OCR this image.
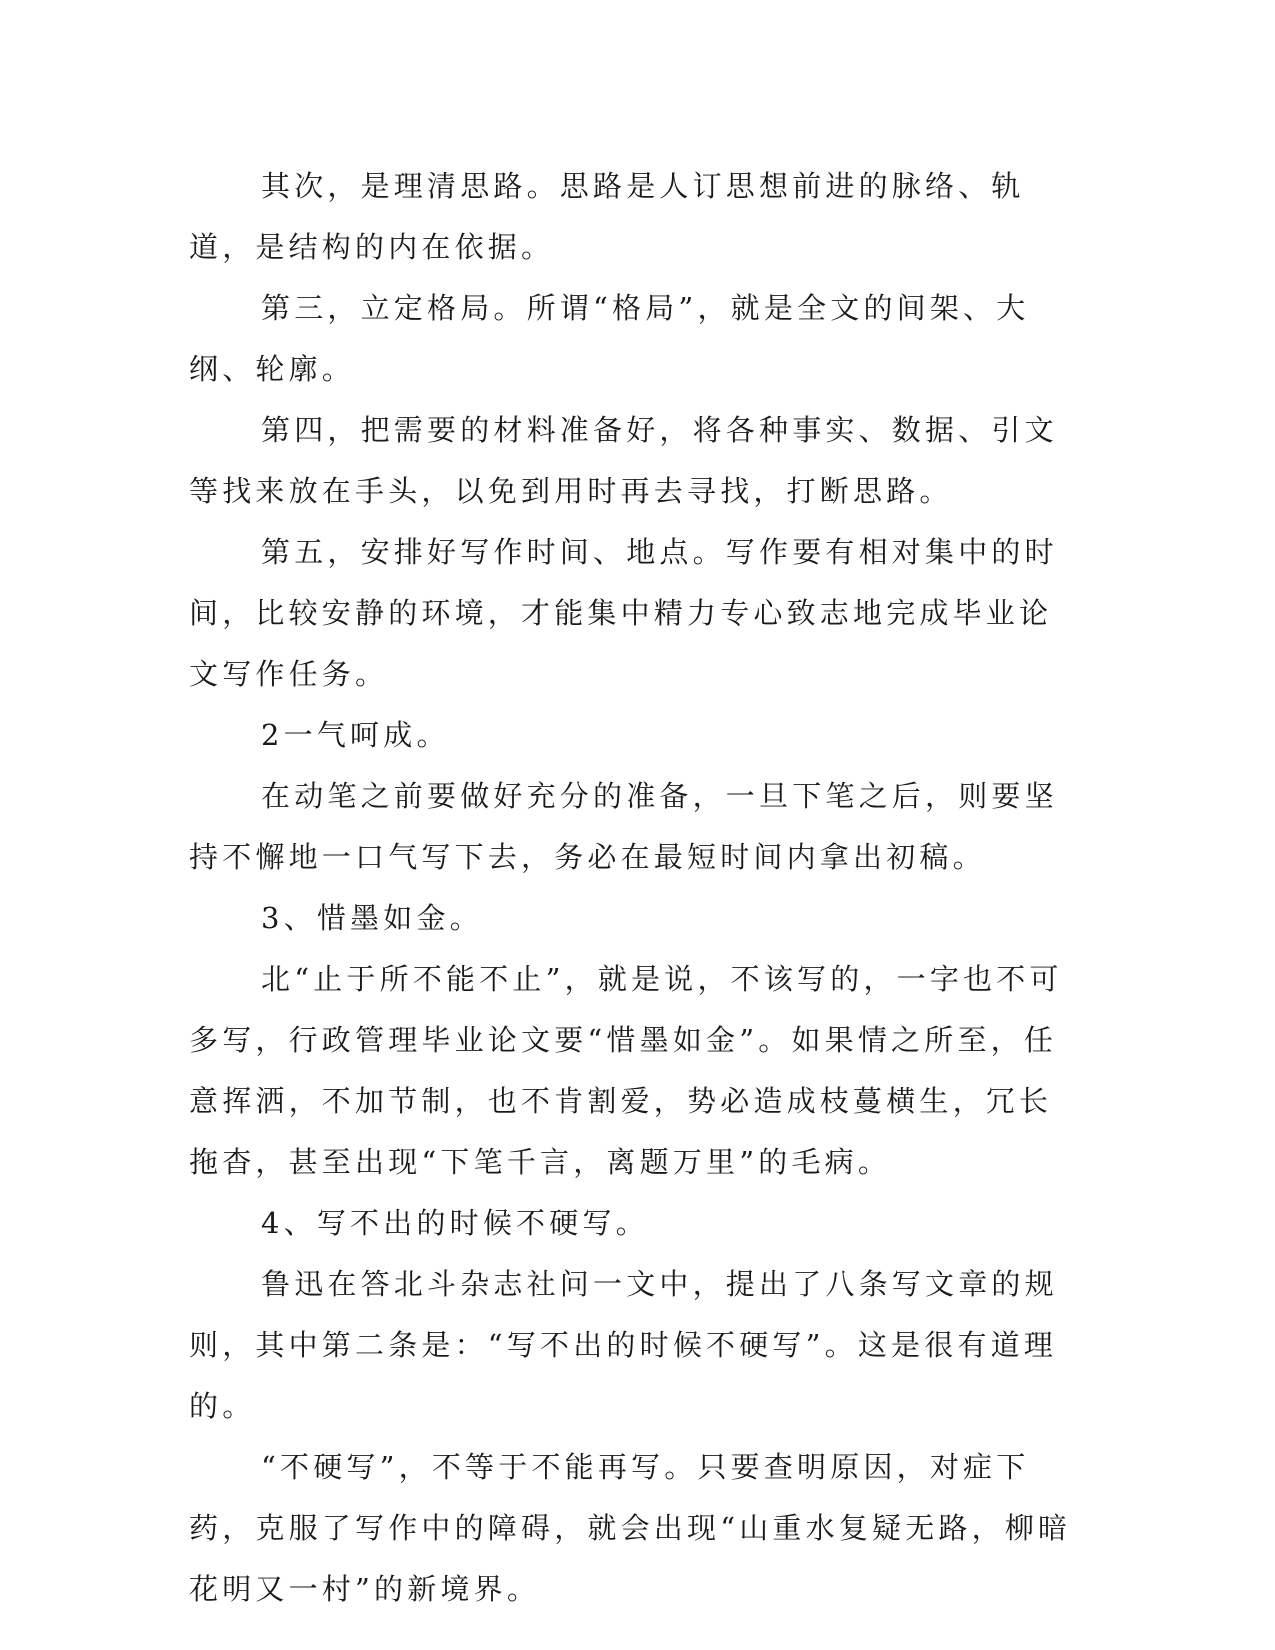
其次，是理清思路。思路是人订思想前进的脉络、轨道，是结构的内在依据。

第三，立定格局。所谓“格局”，就是全文的间架、大纲、轮廓。

第四，把需要的材料准备好，将各种事实、数据、引文等找来放在手头，以免到用时再去寻找，打断思路。

第五，安排好写作时间、地点。写作要有相对集中的时间，比较安静的环境，才能集中精力专心致志地完成毕业论文写作任务。

2一气呵成。

在动笔之前要做好充分的准备，一旦下笔之后，则要坚持不懈地一口气写下去，务必在最短时间内拿出初稿。

3、惜墨如金。

北“止于所不能不止”，就是说，不该写的，一字也不可多写，行政管理毕业论文要“惜墨如金”。如果情之所至，任意挥洒，不加节制，也不肯割爱，势必造成枝蔓横生，冗长拖杳，甚至出现“下笔千言，离题万里”的毛病。

4、写不出的时候不硬写。

鲁迅在答北斗杂志社问一文中，提出了八条写文章的规则，其中第二条是：“写不出的时候不硬写”。这是很有道理的。

“不硬写”，不等于不能再写。只要查明原因，对症下药，克服了写作中的障碍，就会出现“山重水复疑无路，柳暗花明又一村”的新境界。
